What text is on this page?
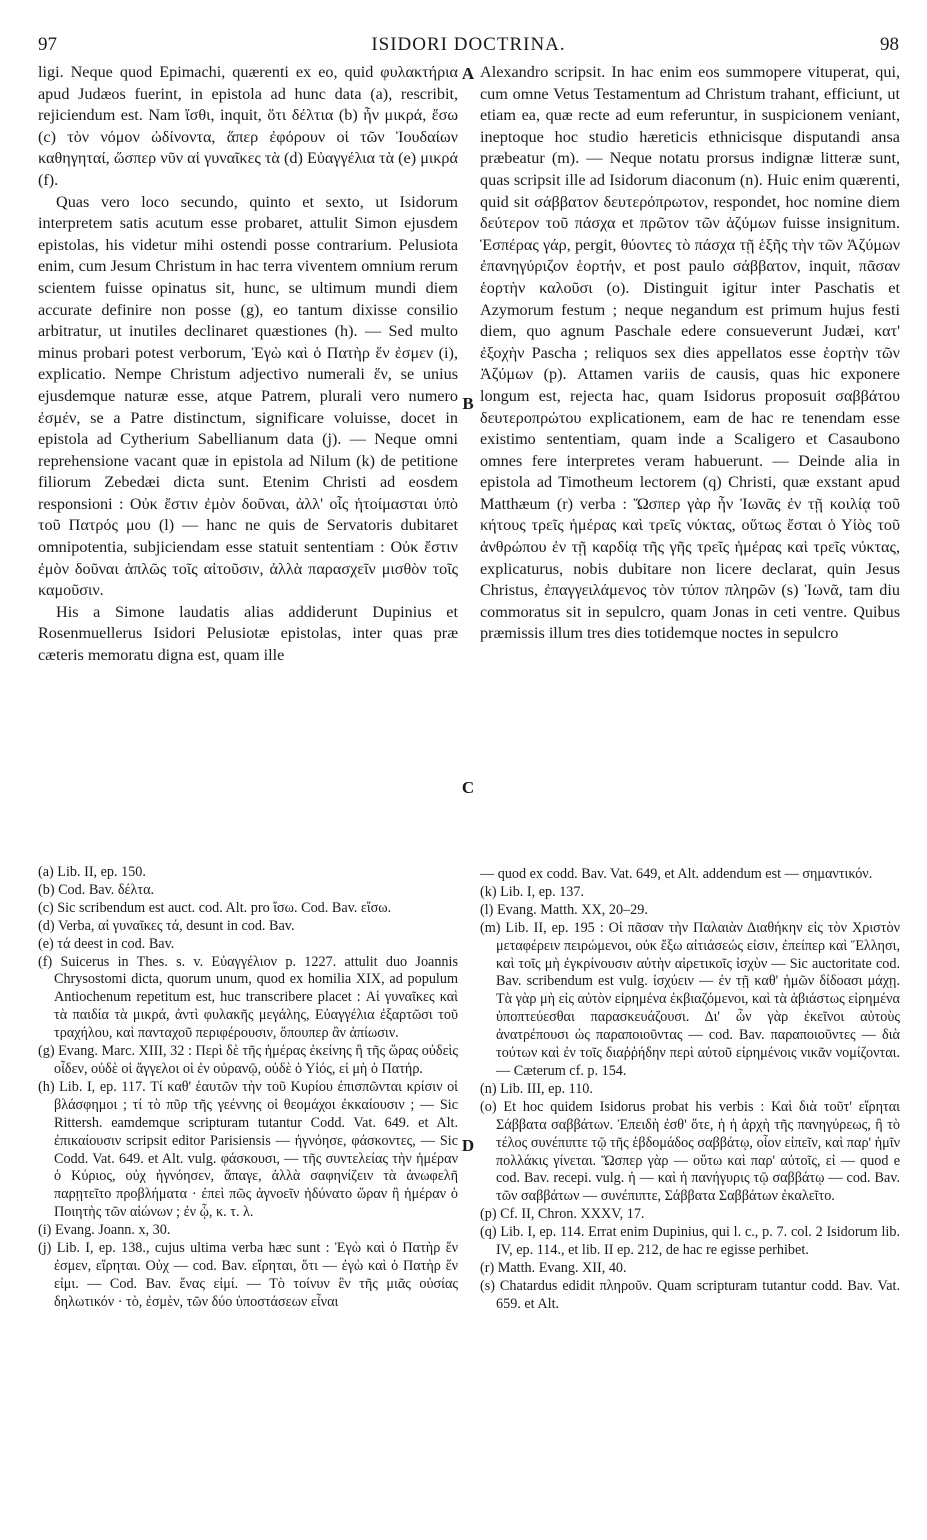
97	ISIDORI DOCTRINA.	98

ligi. Neque quod Epimachi, quærenti ex eo, quid φυλακτήρια apud Judæos fuerint, in epistola ad hunc data (a), rescribit, rejiciendum est. Nam ἴσθι, inquit, ὅτι δέλτια (b) ἦν μικρά, ἔσω (c) τὸν νόμον ὠδίνοντα, ἅπερ ἐφόρουν οἱ τῶν Ἰουδαίων καθηγηταί, ὥσπερ νῦν αἱ γυναῖκες τὰ (d) Εὐαγγέλια τὰ (e) μικρά (f).

Quas vero loco secundo, quinto et sexto, ut Isidorum interpretem satis acutum esse probaret, attulit Simon ejusdem epistolas, his videtur mihi ostendi posse contrarium. Pelusiota enim, cum Jesum Christum in hac terra viventem omnium rerum scientem fuisse opinatus sit, hunc, se ultimum mundi diem accurate definire non posse (g), eo tantum dixisse consilio arbitratur, ut inutiles declinaret quæstiones (h). — Sed multo minus probari potest verborum, Ἐγὼ καὶ ὁ Πατὴρ ἕν ἐσμεν (i), explicatio. Nempe Christum adjectivo numerali ἕν, se unius ejusdemque naturæ esse, atque Patrem, plurali vero numero ἐσμέν, se a Patre distinctum, significare voluisse, docet in epistola ad Cytherium Sabellianum data (j). — Neque omni reprehensione vacant quæ in epistola ad Nilum (k) de petitione filiorum Zebedæi dicta sunt. Etenim Christi ad eosdem responsioni : Οὐκ ἔστιν ἐμὸν δοῦναι, ἀλλ' οἷς ἡτοίμασται ὑπὸ τοῦ Πατρός μου (l) — hanc ne quis de Servatoris dubitaret omnipotentia, subjiciendam esse statuit sententiam : Οὐκ ἔστιν ἐμὸν δοῦναι ἁπλῶς τοῖς αἰτοῦσιν, ἀλλὰ παρασχεῖν μισθὸν τοῖς καμοῦσιν.

His a Simone laudatis alias addiderunt Dupinius et Rosenmuellerus Isidori Pelusiotæ epistolas, inter quas præ cæteris memoratu digna est, quam ille

Alexandro scripsit. In hac enim eos summopere vituperat, qui, cum omne Vetus Testamentum ad Christum trahant, efficiunt, ut etiam ea, quæ recte ad eum referuntur, in suspicionem veniant, ineptoque hoc studio hæreticis ethnicisque disputandi ansa præbeatur (m). — Neque notatu prorsus indignæ litteræ sunt, quas scripsit ille ad Isidorum diaconum (n). Huic enim quærenti, quid sit σάββατον δευτερόπρωτον, respondet, hoc nomine diem δεύτερον τοῦ πάσχα et πρῶτον τῶν ἀζύμων fuisse insignitum. Ἑσπέρας γάρ, pergit, θύοντες τὸ πάσχα τῇ ἑξῆς τὴν τῶν Ἀζύμων ἐπανηγύριζον ἑορτήν, et post paulo σάββατον, inquit, πᾶσαν ἑορτὴν καλοῦσι (o). Distinguit igitur inter Paschatis et Azymorum festum ; neque negandum est primum hujus festi diem, quo agnum Paschale edere consueverunt Judæi, κατ' ἐξοχὴν Pascha ; reliquos sex dies appellatos esse ἑορτὴν τῶν Ἀζύμων (p). Attamen variis de causis, quas hic exponere longum est, rejecta hac, quam Isidorus proposuit σαββάτου δευτεροπρώτου explicationem, eam de hac re tenendam esse existimo sententiam, quam inde a Scaligero et Casaubono omnes fere interpretes veram habuerunt. — Deinde alia in epistola ad Timotheum lectorem (q) Christi, quæ exstant apud Matthæum (r) verba : Ὥσπερ γὰρ ἦν Ἰωνᾶς ἐν τῇ κοιλίᾳ τοῦ κήτους τρεῖς ἡμέρας καὶ τρεῖς νύκτας, οὕτως ἔσται ὁ Υἱὸς τοῦ ἀνθρώπου ἐν τῇ καρδίᾳ τῆς γῆς τρεῖς ἡμέρας καὶ τρεῖς νύκτας, explicaturus, nobis dubitare non licere declarat, quin Jesus Christus, ἐπαγγειλάμενος τὸν τύπον πληρῶν (s) Ἰωνᾶ, tam diu commoratus sit in sepulcro, quam Jonas in ceti ventre. Quibus præmissis illum tres dies totidemque noctes in sepulcro

A
B
C
D

(a) Lib. II, ep. 150.

(b) Cod. Bav. δέλτα.

(c) Sic scribendum est auct. cod. Alt. pro ἴσω. Cod. Bav. εἴσω.

(d) Verba, αἱ γυναῖκες τά, desunt in cod. Bav.

(e) τά deest in cod. Bav.

(f) Suicerus in Thes. s. v. Εὐαγγέλιον p. 1227. attulit duo Joannis Chrysostomi dicta, quorum unum, quod ex homilia XIX, ad populum Antiochenum repetitum est, huc transcribere placet : Αἱ γυναῖκες καὶ τὰ παιδία τὰ μικρά, ἀντὶ φυλακῆς μεγάλης, Εὐαγγέλια ἐξαρτῶσι τοῦ τραχήλου, καὶ πανταχοῦ περιφέρουσιν, ὅπουπερ ἂν ἀπίωσιν.

(g) Evang. Marc. XIII, 32 : Περὶ δὲ τῆς ἡμέρας ἐκείνης ἢ τῆς ὥρας οὐδεὶς οἶδεν, οὐδὲ οἱ ἄγγελοι οἱ ἐν οὐρανῷ, οὐδὲ ὁ Υἱός, εἰ μὴ ὁ Πατήρ.

(h) Lib. I, ep. 117. Τί καθ' ἑαυτῶν τὴν τοῦ Κυρίου ἐπισπῶνται κρίσιν οἱ βλάσφημοι ; τί τὸ πῦρ τῆς γεέννης οἱ θεομάχοι ἐκκαίουσιν ; — Sic Rittersh. eamdemque scripturam tutantur Codd. Vat. 649. et Alt. ἐπικαίουσιν scripsit editor Parisiensis — ἠγνόησε, φάσκοντες, — Sic Codd. Vat. 649. et Alt. vulg. φάσκουσι, — τῆς συντελείας τὴν ἡμέραν ὁ Κύριος, οὐχ ἠγνόησεν, ἄπαγε, ἀλλὰ σαφηνίζειν τὰ ἀνωφελῆ παρῃτεῖτο προβλήματα · ἐπεὶ πῶς ἀγνοεῖν ἠδύνατο ὥραν ἢ ἡμέραν ὁ Ποιητὴς τῶν αἰώνων ; ἐν ᾧ, κ. τ. λ.

(i) Evang. Joann. x, 30.

(j) Lib. I, ep. 138., cujus ultima verba hæc sunt : Ἐγὼ καὶ ὁ Πατὴρ ἕν ἐσμεν, εἴρηται. Οὐχ — cod. Bav. εἴρηται, ὅτι — ἐγὼ καὶ ὁ Πατὴρ ἕν εἰμι. — Cod. Bav. ἕνας εἰμί. — Τὸ τοίνυν ἓν τῆς μιᾶς οὐσίας δηλωτικόν · τὸ, ἐσμὲν, τῶν δύο ὑποστάσεων εἶναι

— quod ex codd. Bav. Vat. 649, et Alt. addendum est — σημαντικόν.

(k) Lib. I, ep. 137.

(l) Evang. Matth. XX, 20–29.

(m) Lib. II, ep. 195 : Οἱ πᾶσαν τὴν Παλαιὰν Διαθήκην εἰς τὸν Χριστὸν μεταφέρειν πειρώμενοι, οὐκ ἔξω αἰτιάσεώς εἰσιν, ἐπείπερ καὶ Ἕλλησι, καὶ τοῖς μὴ ἐγκρίνουσιν αὐτὴν αἱρετικοῖς ἰσχὺν — Sic auctoritate cod. Bav. scribendum est vulg. ἰσχύειν — ἐν τῇ καθ' ἡμῶν δίδοασι μάχῃ. Τὰ γὰρ μὴ εἰς αὐτὸν εἰρημένα ἐκβιαζόμενοι, καὶ τὰ ἀβιάστως εἰρημένα ὑποπτεύεσθαι παρασκευάζουσι. Δι' ὧν γὰρ ἐκεῖνοι αὐτοὺς ἀνατρέπουσι ὡς παραποιοῦντας — cod. Bav. παραποιοῦντες — διὰ τούτων καὶ ἐν τοῖς διαῤῥήδην περὶ αὐτοῦ εἰρημένοις νικᾶν νομίζονται. — Cæterum cf. p. 154.

(n) Lib. III, ep. 110.

(o) Et hoc quidem Isidorus probat his verbis : Καὶ διὰ τοῦτ' εἴρηται Σάββατα σαββάτων. Ἐπειδὴ ἐσθ' ὅτε, ἡ ἡ ἀρχὴ τῆς πανηγύρεως, ἢ τὸ τέλος συνέπιπτε τῷ τῆς ἑβδομάδος σαββάτῳ, οἷον εἰπεῖν, καὶ παρ' ἡμῖν πολλάκις γίνεται. Ὥσπερ γὰρ — οὕτω καὶ παρ' αὐτοῖς, εἰ — quod e cod. Bav. recepi. vulg. ἡ — καὶ ἡ πανήγυρις τῷ σαββάτῳ — cod. Bav. τῶν σαββάτων — συνέπιπτε, Σάββατα Σαββάτων ἐκαλεῖτο.

(p) Cf. II, Chron. XXXV, 17.

(q) Lib. I, ep. 114. Errat enim Dupinius, qui l. c., p. 7. col. 2 Isidorum lib. IV, ep. 114., et lib. II ep. 212, de hac re egisse perhibet.

(r) Matth. Evang. XII, 40.

(s) Chatardus edidit πληροῦν. Quam scripturam tutantur codd. Bav. Vat. 659. et Alt.
